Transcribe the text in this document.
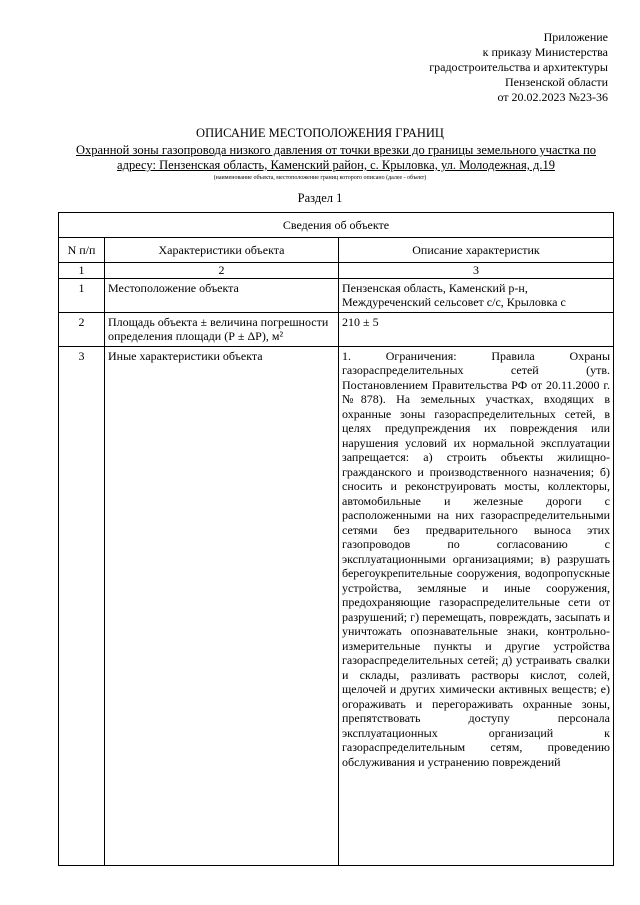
Приложение
к приказу Министерства
градостроительства и архитектуры
Пензенской области
от 20.02.2023 №23-36
ОПИСАНИЕ МЕСТОПОЛОЖЕНИЯ ГРАНИЦ
Охранной зоны газопровода низкого давления от точки врезки до границы земельного участка по адресу: Пензенская область, Каменский район, с. Крыловка, ул. Молодежная, д.19
(наименование объекта, местоположение границ которого описано (далее - объект)
Раздел 1
Сведения об объекте		
N п/п	Характеристики объекта	Описание характеристик
1	2	3
1	Местоположение объекта	Пензенская область, Каменский р-н, Междуреченский сельсовет с/с, Крыловка с
2	Площадь объекта ± величина погрешности определения площади (Р ± ΔР), м²	210 ± 5
3	Иные характеристики объекта	1. Ограничения: Правила Охраны газораспределительных сетей (утв. Постановлением Правительства РФ от 20.11.2000 г. №878). На земельных участках, входящих в охранные зоны газораспределительных сетей, в целях предупреждения их повреждения или нарушения условий их нормальной эксплуатации запрещается: а) строить объекты жилищно-гражданского и производственного назначения; б) сносить и реконструировать мосты, коллекторы, автомобильные и железные дороги с расположенными на них газораспределительными сетями без предварительного выноса этих газопроводов по согласованию с эксплуатационными организациями; в) разрушать берегоукрепительные сооружения, водопропускные устройства, земляные и иные сооружения, предохраняющие газораспределительные сети от разрушений; г) перемещать, повреждать, засыпать и уничтожать опознавательные знаки, контрольно-измерительные пункты и другие устройства газораспределительных сетей; д) устраивать свалки и склады, разливать растворы кислот, солей, щелочей и других химически активных веществ; е) огораживать и перегораживать охранные зоны, препятствовать доступу персонала эксплуатационных организаций к газораспределительным сетям, проведению обслуживания и устранению повреждений
